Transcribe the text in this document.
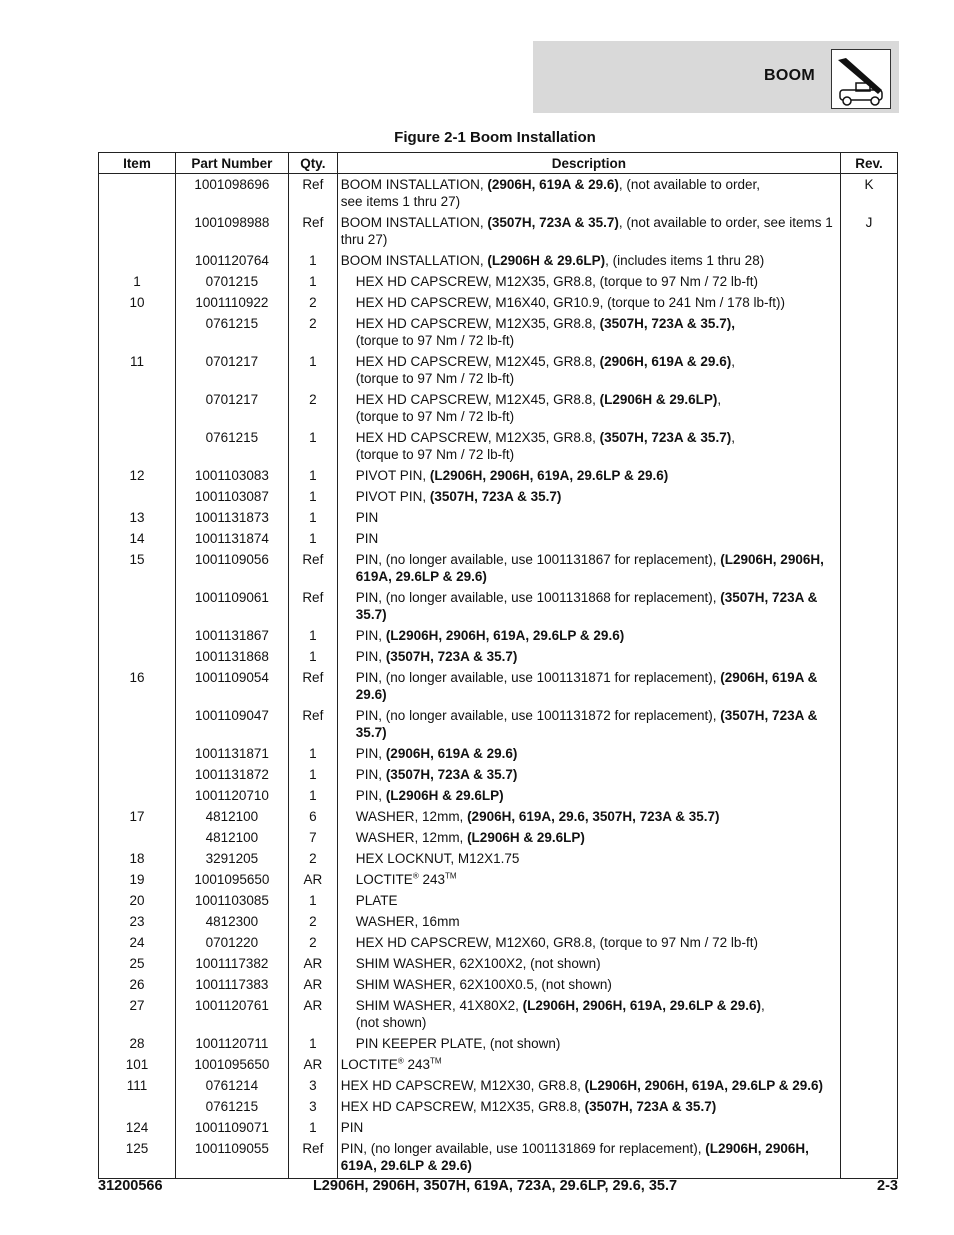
BOOM
Figure 2-1 Boom Installation
Item	Part Number	Qty.	Description	Rev.
	1001098696	Ref	BOOM INSTALLATION, (2906H, 619A & 29.6), (not available to order,
see items 1 thru 27)	K
	1001098988	Ref	BOOM INSTALLATION, (3507H, 723A & 35.7), (not available to order, see items 1 thru 27)	J
	1001120764	1	BOOM INSTALLATION, (L2906H & 29.6LP), (includes items 1 thru 28)	
1	0701215	1	HEX HD CAPSCREW, M12X35, GR8.8, (torque to 97 Nm / 72 lb-ft)	
10	1001110922	2	HEX HD CAPSCREW, M16X40, GR10.9, (torque to 241 Nm / 178 lb-ft))	
	0761215	2	HEX HD CAPSCREW, M12X35, GR8.8, (3507H, 723A & 35.7),
(torque to 97 Nm / 72 lb-ft)	
11	0701217	1	HEX HD CAPSCREW, M12X45, GR8.8, (2906H, 619A & 29.6),
(torque to 97 Nm / 72 lb-ft)	
	0701217	2	HEX HD CAPSCREW, M12X45, GR8.8, (L2906H & 29.6LP),
(torque to 97 Nm / 72 lb-ft)	
	0761215	1	HEX HD CAPSCREW, M12X35, GR8.8, (3507H, 723A & 35.7),
(torque to 97 Nm / 72 lb-ft)	
12	1001103083	1	PIVOT PIN, (L2906H, 2906H, 619A, 29.6LP & 29.6)	
	1001103087	1	PIVOT PIN, (3507H, 723A & 35.7)	
13	1001131873	1	PIN	
14	1001131874	1	PIN	
15	1001109056	Ref	PIN, (no longer available, use 1001131867 for replacement), (L2906H, 2906H, 619A, 29.6LP & 29.6)	
	1001109061	Ref	PIN, (no longer available, use 1001131868 for replacement), (3507H, 723A & 35.7)	
	1001131867	1	PIN, (L2906H, 2906H, 619A, 29.6LP & 29.6)	
	1001131868	1	PIN, (3507H, 723A & 35.7)	
16	1001109054	Ref	PIN, (no longer available, use 1001131871 for replacement), (2906H, 619A & 29.6)	
	1001109047	Ref	PIN, (no longer available, use 1001131872 for replacement), (3507H, 723A & 35.7)	
	1001131871	1	PIN, (2906H, 619A & 29.6)	
	1001131872	1	PIN, (3507H, 723A & 35.7)	
	1001120710	1	PIN, (L2906H & 29.6LP)	
17	4812100	6	WASHER, 12mm, (2906H, 619A, 29.6, 3507H, 723A & 35.7)	
	4812100	7	WASHER, 12mm, (L2906H & 29.6LP)	
18	3291205	2	HEX LOCKNUT, M12X1.75	
19	1001095650	AR	LOCTITE® 243™	
20	1001103085	1	PLATE	
23	4812300	2	WASHER, 16mm	
24	0701220	2	HEX HD CAPSCREW, M12X60, GR8.8, (torque to 97 Nm / 72 lb-ft)	
25	1001117382	AR	SHIM WASHER, 62X100X2, (not shown)	
26	1001117383	AR	SHIM WASHER, 62X100X0.5, (not shown)	
27	1001120761	AR	SHIM WASHER, 41X80X2, (L2906H, 2906H, 619A, 29.6LP & 29.6),
(not shown)	
28	1001120711	1	PIN KEEPER PLATE, (not shown)	
101	1001095650	AR	LOCTITE® 243™	
111	0761214	3	HEX HD CAPSCREW, M12X30, GR8.8, (L2906H, 2906H, 619A, 29.6LP & 29.6)	
	0761215	3	HEX HD CAPSCREW, M12X35, GR8.8, (3507H, 723A & 35.7)	
124	1001109071	1	PIN	
125	1001109055	Ref	PIN, (no longer available, use 1001131869 for replacement), (L2906H, 2906H, 619A, 29.6LP & 29.6)	
31200566	L2906H, 2906H, 3507H, 619A, 723A, 29.6LP, 29.6, 35.7	2-3
